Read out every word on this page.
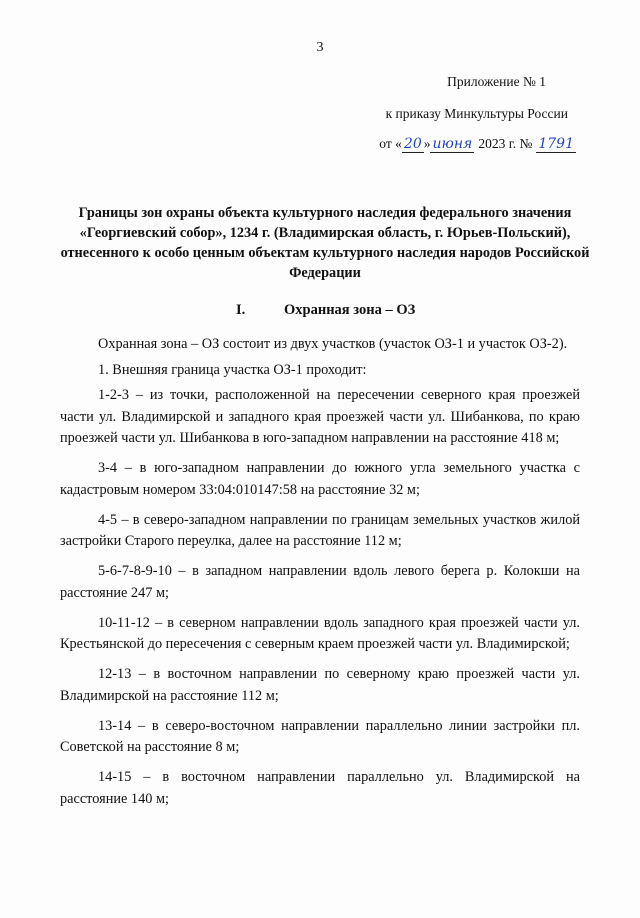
3
Приложение № 1
к приказу Минкультуры России
от « 20 » июня 2023 г. № 1791
Границы зон охраны объекта культурного наследия федерального значения «Георгиевский собор», 1234 г. (Владимирская область, г. Юрьев-Польский), отнесенного к особо ценным объектам культурного наследия народов Российской Федерации
I.	Охранная зона – ОЗ

Охранная зона – ОЗ состоит из двух участков (участок ОЗ-1 и участок ОЗ-2).

1. Внешняя граница участка ОЗ-1 проходит:

1-2-3 – из точки, расположенной на пересечении северного края проезжей части ул. Владимирской и западного края проезжей части ул. Шибанкова, по краю проезжей части ул. Шибанкова в юго-западном направлении на расстояние 418 м;

3-4 – в юго-западном направлении до южного угла земельного участка с кадастровым номером 33:04:010147:58 на расстояние 32 м;

4-5 – в северо-западном направлении по границам земельных участков жилой застройки Старого переулка, далее на расстояние 112 м;

5-6-7-8-9-10 – в западном направлении вдоль левого берега р. Колокши на расстояние 247 м;

10-11-12 – в северном направлении вдоль западного края проезжей части ул. Крестьянской до пересечения с северным краем проезжей части ул. Владимирской;

12-13 – в восточном направлении по северному краю проезжей части ул. Владимирской на расстояние 112 м;

13-14 – в северо-восточном направлении параллельно линии застройки пл. Советской на расстояние 8 м;

14-15 – в восточном направлении параллельно ул. Владимирской на расстояние 140 м;
